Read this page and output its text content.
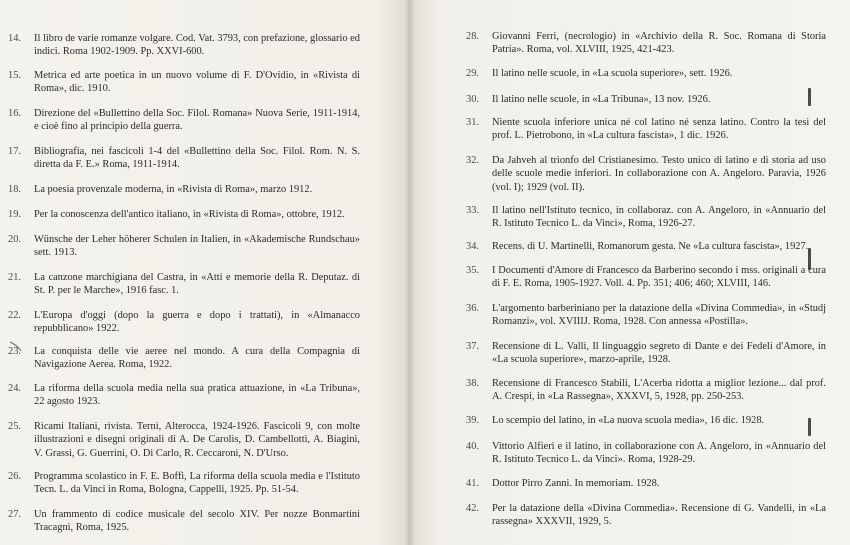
14.	Il libro de varie romanze volgare. Cod. Vat. 3793, con prefazione, glossario ed indici. Roma 1902-1909. Pp. XXVI-600.
15.	Metrica ed arte poetica in un nuovo volume di F. D'Ovidio, in «Rivista di Roma», dic. 1910.
16.	Direzione del «Bullettino della Soc. Filol. Romana» Nuova Serie, 1911-1914, e cioè fino al principio della guerra.
17.	Bibliografia, nei fascicoli 1-4 del «Bullettino della Soc. Filol. Rom. N. S. diretta da F. E.» Roma, 1911-1914.
18.	La poesia provenzale moderna, in «Rivista di Roma», marzo 1912.
19.	Per la conoscenza dell'antico italiano, in «Rivista di Roma», ottobre, 1912.
20.	Wünsche der Leher höherer Schulen in Italien, in «Akademische Rundschau» sett. 1913.
21.	La canzone marchigiana del Castra, in «Atti e memorie della R. Deputaz. di St. P. per le Marche», 1916 fasc. 1.
22.	L'Europa d'oggi (dopo la guerra e dopo i trattati), in «Almanacco repubblicano» 1922.
23.	La conquista delle vie aeree nel mondo. A cura della Compagnia di Navigazione Aerea. Roma, 1922.
24.	La riforma della scuola media nella sua pratica attuazione, in «La Tribuna», 22 agosto 1923.
25.	Ricami Italiani, rivista. Terni, Alterocca, 1924-1926. Fascicoli 9, con molte illustrazioni e disegni originali di A. De Carolis, D. Cambellotti, A. Biagini, V. Grassi, G. Guerrini, O. Di Carlo, R. Ceccaroni, N. D'Urso.
26.	Programma scolastico in F. E. Boffi, La riforma della scuola media e l'Istituto Tecn. L. da Vinci in Roma, Bologna, Cappelli, 1925. Pp. 51-54.
27.	Un frammento di codice musicale del secolo XIV. Per nozze Bonmartini Tracagni, Roma, 1925.
28.	Giovanni Ferri, (necrologio) in «Archivio della R. Soc. Romana di Storia Patria». Roma, vol. XLVIII, 1925, 421-423.
29.	Il latino nelle scuole, in «La scuola superiore», sett. 1926.
30.	Il latino nelle scuole, in «La Tribuna», 13 nov. 1926.
31.	Niente scuola inferiore unica né col latino né senza latino. Contro la tesi del prof. L. Pietrobono, in «La cultura fascista», 1 dic. 1926.
32.	Da Jahveh al trionfo del Cristianesimo. Testo unico di latino e di storia ad uso delle scuole medie inferiori. In collaborazione con A. Angeloro. Paravia, 1926 (vol. I); 1929 (vol. II).
33.	Il latino nell'Istituto tecnico, in collaboraz. con A. Angeloro, in «Annuario del R. Istituto Tecnico L. da Vinci», Roma, 1926-27.
34.	Recens. di U. Martinelli, Romanorum gesta. Ne «La cultura fascista», 1927.
35.	I Documenti d'Amore di Francesco da Barberino secondo i mss. originali a cura di F. E. Roma, 1905-1927. Voll. 4. Pp. 351; 406; 460; XLVIII, 146.
36.	L'argomento barberiniano per la datazione della «Divina Commedia», in «Studj Romanzi», vol. XVIIIJ. Roma, 1928. Con annessa «Postilla».
37.	Recensione di L. Valli, Il linguaggio segreto di Dante e dei Fedeli d'Amore, in «La scuola superiore», marzo-aprile, 1928.
38.	Recensione di Francesco Stabili, L'Acerba ridotta a miglior lezione... dal prof. A. Crespi, in «La Rassegna», XXXVI, 5, 1928, pp. 250-253.
39.	Lo scempio del latino, in «La nuova scuola media», 16 dic. 1928.
40.	Vittorio Alfieri e il latino, in collaborazione con A. Angeloro, in «Annuario del R. Istituto Tecnico L. da Vinci». Roma, 1928-29.
41.	Dottor Pirro Zanni. In memoriam. 1928.
42.	Per la datazione della «Divina Commedia». Recensione di G. Vandelli, in «La rassegna» XXXVII, 1929, 5.
